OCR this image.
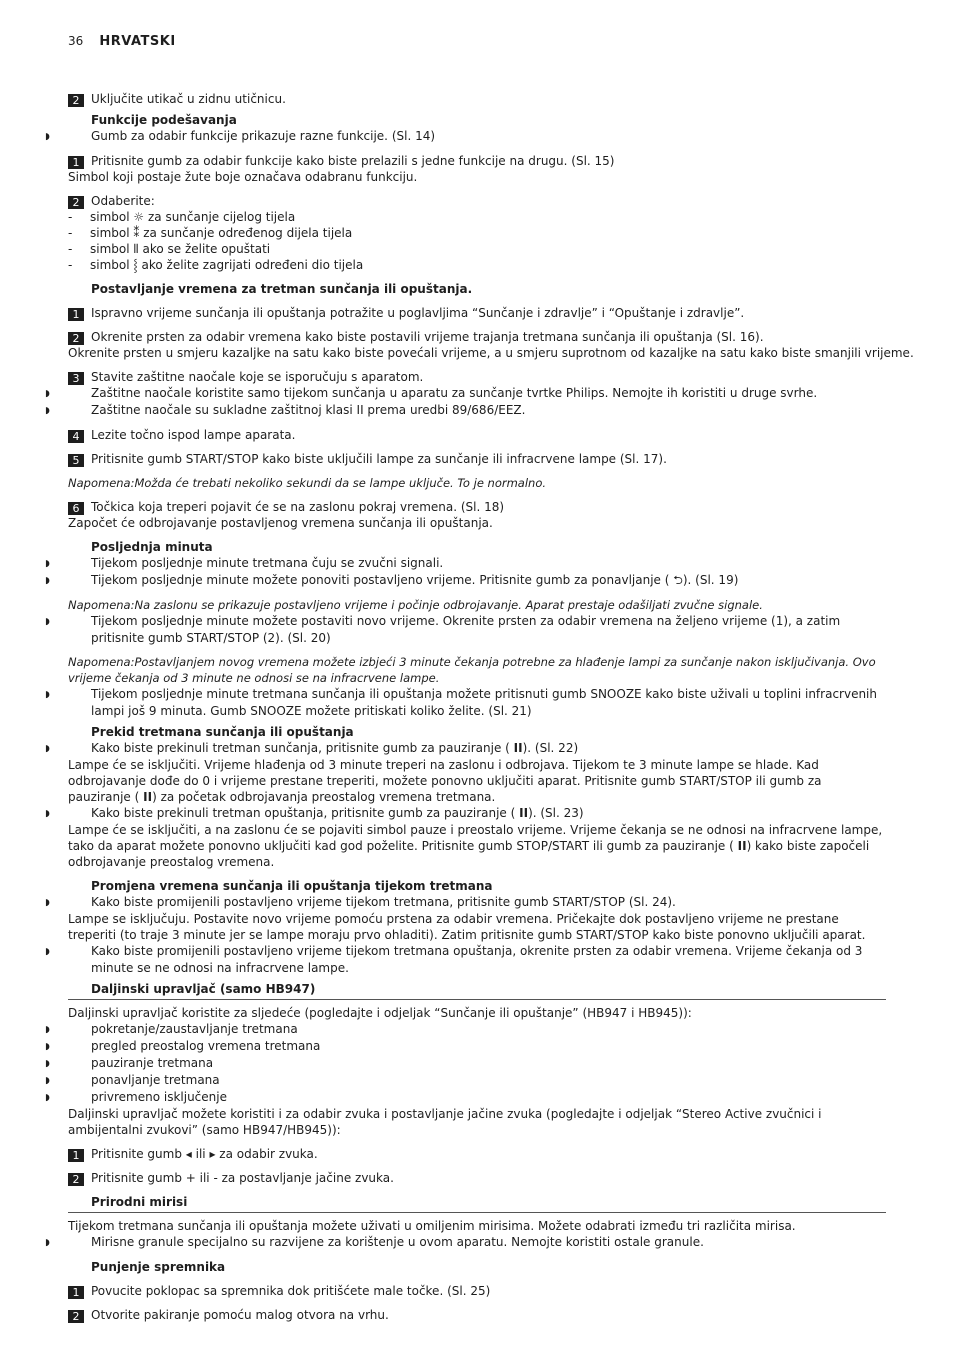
36 HRVATSKI
2 Uključite utikač u zidnu utičnicu.
Funkcije podešavanja
◗	Gumb za odabir funkcije prikazuje razne funkcije. (Sl. 14)
1 Pritisnite gumb za odabir funkcije kako biste prelazili s jedne funkcije na drugu. (Sl. 15)
Simbol koji postaje žute boje označava odabranu funkciju.
2 Odaberite:
- simbol ☼ za sunčanje cijelog tijela
- simbol ⁑ za sunčanje određenog dijela tijela
- simbol ⦀ ako se želite opuštati
- simbol ⸾ ako želite zagrijati određeni dio tijela
Postavljanje vremena za tretman sunčanja ili opuštanja.
1 Ispravno vrijeme sunčanja ili opuštanja potražite u poglavljima “Sunčanje i zdravlje” i “Opuštanje i zdravlje”.
2 Okrenite prsten za odabir vremena kako biste postavili vrijeme trajanja tretmana sunčanja ili opuštanja (Sl. 16).
Okrenite prsten u smjeru kazaljke na satu kako biste povećali vrijeme, a u smjeru suprotnom od kazaljke na satu kako biste smanjili vrijeme.
3 Stavite zaštitne naočale koje se isporučuju s aparatom.
◗	Zaštitne naočale koristite samo tijekom sunčanja u aparatu za sunčanje tvrtke Philips. Nemojte ih koristiti u druge svrhe.
◗	Zaštitne naočale su sukladne zaštitnoj klasi II prema uredbi 89/686/EEZ.
4 Lezite točno ispod lampe aparata.
5 Pritisnite gumb START/STOP kako biste uključili lampe za sunčanje ili infracrvene lampe (Sl. 17).
Napomena:Možda će trebati nekoliko sekundi da se lampe uključe. To je normalno.
6 Točkica koja treperi pojavit će se na zaslonu pokraj vremena. (Sl. 18)
Započet će odbrojavanje postavljenog vremena sunčanja ili opuštanja.
Posljednja minuta
◗	Tijekom posljednje minute tretmana čuju se zvučni signali.
◗	Tijekom posljednje minute možete ponoviti postavljeno vrijeme. Pritisnite gumb za ponavljanje ( ⮌). (Sl. 19)
Napomena:Na zaslonu se prikazuje postavljeno vrijeme i počinje odbrojavanje. Aparat prestaje odašiljati zvučne signale.
◗	Tijekom posljednje minute možete postaviti novo vrijeme. Okrenite prsten za odabir vremena na željeno vrijeme (1), a zatim pritisnite gumb START/STOP (2). (Sl. 20)
Napomena:Postavljanjem novog vremena možete izbjeći 3 minute čekanja potrebne za hlađenje lampi za sunčanje nakon isključivanja. Ovo vrijeme čekanja od 3 minute ne odnosi se na infracrvene lampe.
◗	Tijekom posljednje minute tretmana sunčanja ili opuštanja možete pritisnuti gumb SNOOZE kako biste uživali u toplini infracrvenih lampi još 9 minuta. Gumb SNOOZE možete pritiskati koliko želite. (Sl. 21)
Prekid tretmana sunčanja ili opuštanja
◗	Kako biste prekinuli tretman sunčanja, pritisnite gumb za pauziranje ( II). (Sl. 22)
Lampe će se isključiti. Vrijeme hlađenja od 3 minute treperi na zaslonu i odbrojava. Tijekom te 3 minute lampe se hlade. Kad odbrojavanje dođe do 0 i vrijeme prestane treperiti, možete ponovno uključiti aparat. Pritisnite gumb START/STOP ili gumb za pauziranje ( II) za početak odbrojavanja preostalog vremena tretmana.
◗	Kako biste prekinuli tretman opuštanja, pritisnite gumb za pauziranje ( II). (Sl. 23)
Lampe će se isključiti, a na zaslonu će se pojaviti simbol pauze i preostalo vrijeme. Vrijeme čekanja se ne odnosi na infracrvene lampe, tako da aparat možete ponovno uključiti kad god poželite. Pritisnite gumb STOP/START ili gumb za pauziranje ( II) kako biste započeli odbrojavanje preostalog vremena.
Promjena vremena sunčanja ili opuštanja tijekom tretmana
◗	Kako biste promijenili postavljeno vrijeme tijekom tretmana, pritisnite gumb START/STOP (Sl. 24).
Lampe se isključuju. Postavite novo vrijeme pomoću prstena za odabir vremena. Pričekajte dok postavljeno vrijeme ne prestane treperiti (to traje 3 minute jer se lampe moraju prvo ohladiti). Zatim pritisnite gumb START/STOP kako biste ponovno uključili aparat.
◗	Kako biste promijenili postavljeno vrijeme tijekom tretmana opuštanja, okrenite prsten za odabir vremena. Vrijeme čekanja od 3 minute se ne odnosi na infracrvene lampe.
Daljinski upravljač (samo HB947)
Daljinski upravljač koristite za sljedeće (pogledajte i odjeljak “Sunčanje ili opuštanje” (HB947 i HB945)):
◗	pokretanje/zaustavljanje tretmana
◗	pregled preostalog vremena tretmana
◗	pauziranje tretmana
◗	ponavljanje tretmana
◗	privremeno isključenje
Daljinski upravljač možete koristiti i za odabir zvuka i postavljanje jačine zvuka (pogledajte i odjeljak “Stereo Active zvučnici i ambijentalni zvukovi” (samo HB947/HB945)):
1 Pritisnite gumb ◂ ili ▸ za odabir zvuka.
2 Pritisnite gumb + ili - za postavljanje jačine zvuka.
Prirodni mirisi
Tijekom tretmana sunčanja ili opuštanja možete uživati u omiljenim mirisima. Možete odabrati između tri različita mirisa.
◗	Mirisne granule specijalno su razvijene za korištenje u ovom aparatu. Nemojte koristiti ostale granule.
Punjenje spremnika
1 Povucite poklopac sa spremnika dok pritišćete male točke. (Sl. 25)
2 Otvorite pakiranje pomoću malog otvora na vrhu.
